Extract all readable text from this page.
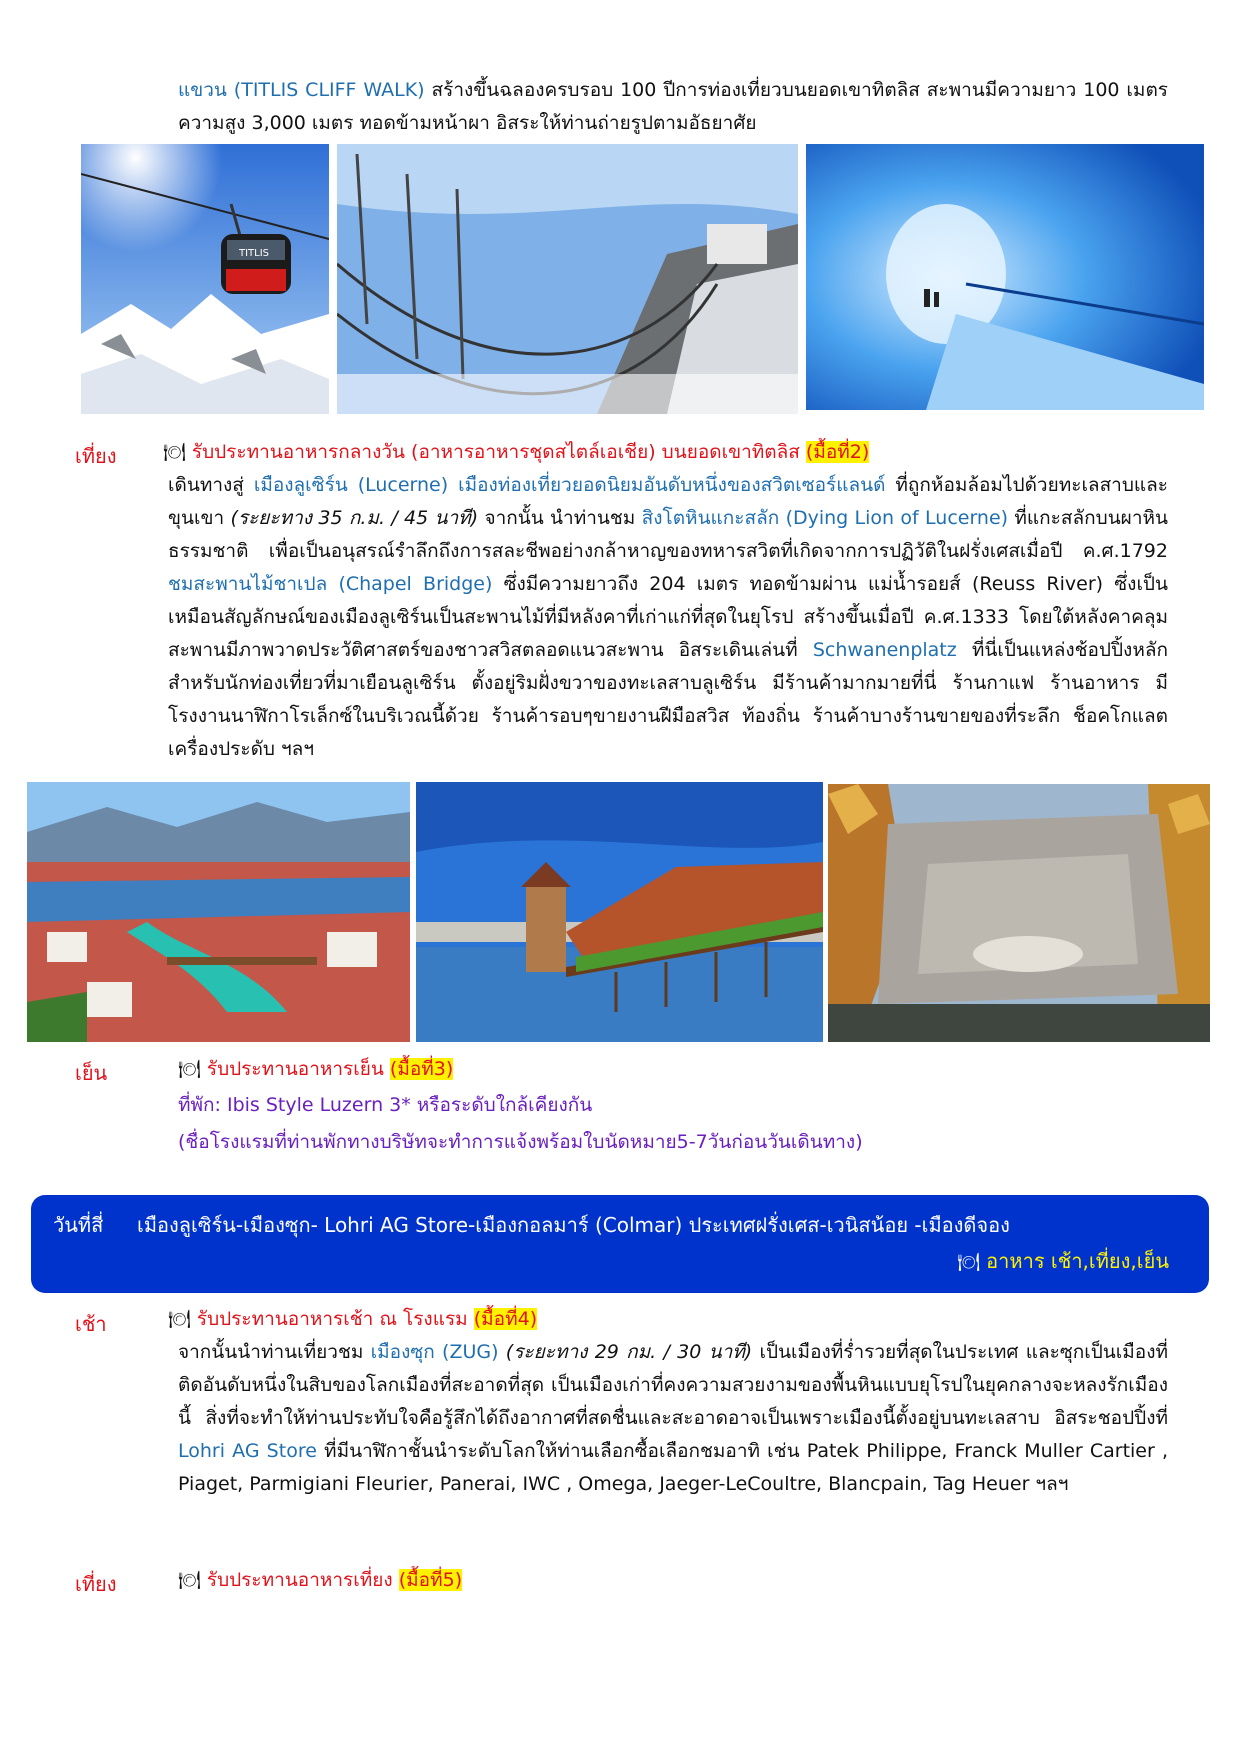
แขวน (TITLIS CLIFF WALK) สร้างขึ้นฉลองครบรอบ 100 ปีการท่องเที่ยวบนยอดเขาทิตลิส สะพานมีความยาว 100 เมตร ความสูง 3,000 เมตร ทอดข้ามหน้าผา อิสระให้ท่านถ่ายรูปตามอัธยาศัย
TITLIS
เที่ยง	🍽 รับประทานอาหารกลางวัน (อาหารอาหารชุดสไตล์เอเชีย) บนยอดเขาทิตลิส (มื้อที่2)
เดินทางสู่ เมืองลูเซิร์น (Lucerne) เมืองท่องเที่ยวยอดนิยมอันดับหนึ่งของสวิตเซอร์แลนด์ ที่ถูกห้อมล้อมไปด้วยทะเลสาบและขุนเขา (ระยะทาง 35 ก.ม. / 45 นาที) จากนั้น นำท่านชม สิงโตหินแกะสลัก (Dying Lion of Lucerne) ที่แกะสลักบนผาหินธรรมชาติ เพื่อเป็นอนุสรณ์รำลึกถึงการสละชีพอย่างกล้าหาญของทหารสวิตที่เกิดจากการปฏิวัติในฝรั่งเศสเมื่อปี ค.ศ.1792 ชมสะพานไม้ชาเปล (Chapel Bridge) ซึ่งมีความยาวถึง 204 เมตร ทอดข้ามผ่าน แม่น้ำรอยส์ (Reuss River) ซึ่งเป็นเหมือนสัญลักษณ์ของเมืองลูเซิร์นเป็นสะพานไม้ที่มีหลังคาที่เก่าแก่ที่สุดในยุโรป สร้างขึ้นเมื่อปี ค.ศ.1333 โดยใต้หลังคาคลุมสะพานมีภาพวาดประวัติศาสตร์ของชาวสวิสตลอดแนวสะพาน อิสระเดินเล่นที่ Schwanenplatz ที่นี่เป็นแหล่งช้อปปิ้งหลักสำหรับนักท่องเที่ยวที่มาเยือนลูเซิร์น ตั้งอยู่ริมฝั่งขวาของทะเลสาบลูเซิร์น มีร้านค้ามากมายที่นี่ ร้านกาแฟ ร้านอาหาร มีโรงงานนาฬิกาโรเล็กซ์ในบริเวณนี้ด้วย ร้านค้ารอบๆขายงานฝีมือสวิส ท้องถิ่น ร้านค้าบางร้านขายของที่ระลึก ช็อคโกแลต เครื่องประดับ ฯลฯ
เย็น	🍽 รับประทานอาหารเย็น (มื้อที่3)
ที่พัก: Ibis Style Luzern 3* หรือระดับใกล้เคียงกัน
(ชื่อโรงแรมที่ท่านพักทางบริษัทจะทำการแจ้งพร้อมใบนัดหมาย5-7วันก่อนวันเดินทาง)
วันที่สี่ เมืองลูเซิร์น-เมืองซุก- Lohri AG Store-เมืองกอลมาร์ (Colmar) ประเทศฝรั่งเศส-เวนิสน้อย -เมืองดีจอง
🍽 อาหาร เช้า,เที่ยง,เย็น
เช้า	🍽 รับประทานอาหารเช้า ณ โรงแรม (มื้อที่4)
จากนั้นนำท่านเที่ยวชม เมืองซุก (ZUG) (ระยะทาง 29 กม. / 30 นาที) เป็นเมืองที่ร่ำรวยที่สุดในประเทศ และซุกเป็นเมืองที่ติดอันดับหนึ่งในสิบของโลกเมืองที่สะอาดที่สุด เป็นเมืองเก่าที่คงความสวยงามของพื้นหินแบบยุโรปในยุคกลางจะหลงรักเมืองนี้ สิ่งที่จะทำให้ท่านประทับใจคือรู้สึกได้ถึงอากาศที่สดชื่นและสะอาดอาจเป็นเพราะเมืองนี้ตั้งอยู่บนทะเลสาบ อิสระชอปปิ้งที่ Lohri AG Store ที่มีนาฬิกาชั้นนำระดับโลกให้ท่านเลือกซื้อเลือกชมอาทิ เช่น Patek Philippe, Franck Muller Cartier , Piaget, Parmigiani Fleurier, Panerai, IWC , Omega, Jaeger-LeCoultre, Blancpain, Tag Heuer ฯลฯ
เที่ยง	🍽 รับประทานอาหารเที่ยง (มื้อที่5)
